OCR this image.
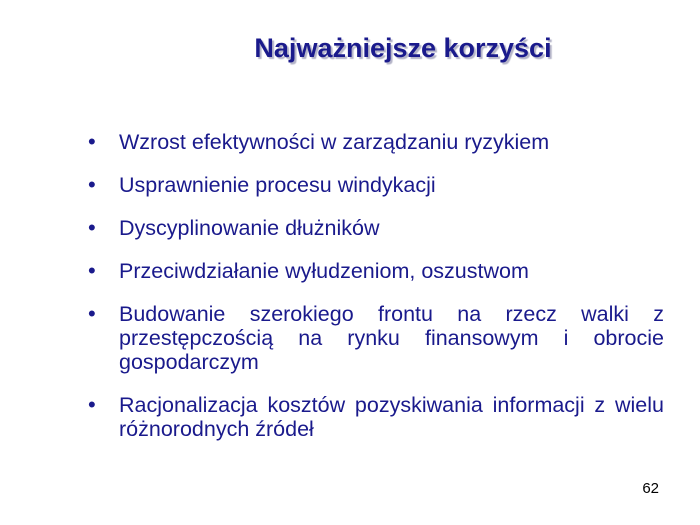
Najważniejsze korzyści
• Wzrost efektywności w zarządzaniu ryzykiem
• Usprawnienie procesu windykacji
• Dyscyplinowanie dłużników
• Przeciwdziałanie wyłudzeniom, oszustwom
• Budowanie szerokiego frontu na rzecz walki z przestępczością na rynku finansowym i obrocie gospodarczym
• Racjonalizacja kosztów pozyskiwania informacji z wielu różnorodnych źródeł
62
